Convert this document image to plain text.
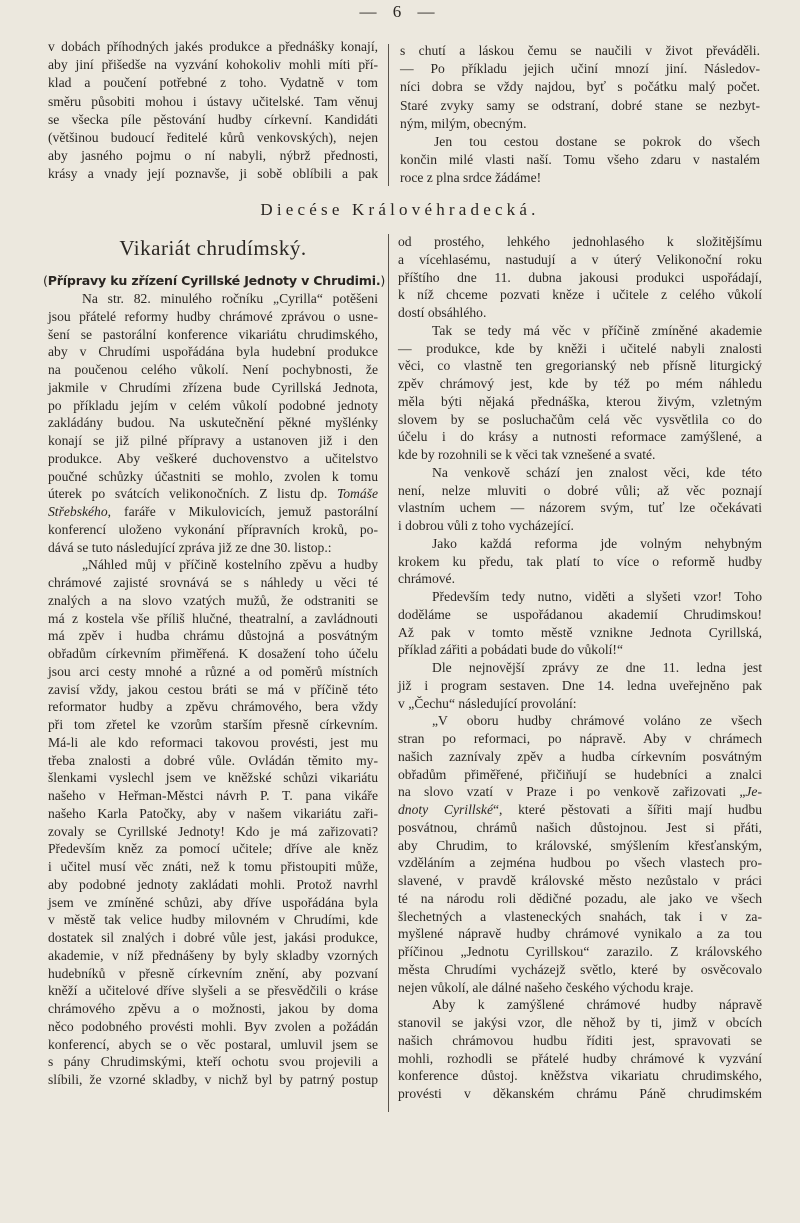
— 6 —
v dobách příhodných jakés produkce a přednášky konají,
aby jiní přišedše na vyzvání kohokoliv mohli míti pří-
klad a poučení potřebné z toho. Vydatně v tom
směru působiti mohou i ústavy učitelské. Tam věnuj
se všecka píle pěstování hudby církevní. Kandidáti
(většinou budoucí ředitelé kůrů venkovských), nejen
aby jasného pojmu o ní nabyli, nýbrž přednosti,
krásy a vnady její poznavše, ji sobě oblíbili a pak
s chutí a láskou čemu se naučili v život převáděli.
— Po příkladu jejich učiní mnozí jiní. Následov-
níci dobra se vždy najdou, byť s počátku malý počet.
Staré zvyky samy se odstraní, dobré stane se nezbyt-
ným, milým, obecným.
Jen tou cestou dostane se pokrok do všech
končin milé vlasti naší. Tomu všeho zdaru v nastalém
roce z plna srdce žádáme!
Diecése Královéhradecká.
Vikariát chrudímský.
(Přípravy ku zřízení Cyrillské Jednoty v Chrudimi.)
Na str. 82. minulého ročníku „Cyrilla“ potěšeni
jsou přátelé reformy hudby chrámové zprávou o usne-
šení se pastorální konference vikariátu chrudimského,
aby v Chrudími uspořádána byla hudební produkce
na poučenou celého vůkolí. Není pochybnosti, že
jakmile v Chrudími zřízena bude Cyrillská Jednota,
po příkladu jejím v celém vůkolí podobné jednoty
zakládány budou. Na uskutečnění pěkné myšlénky
konají se již pilné přípravy a ustanoven již i den
produkce. Aby veškeré duchovenstvo a učitelstvo
poučné schůzky účastniti se mohlo, zvolen k tomu
úterek po svátcích velikonočních. Z listu dp. Tomáše
Střebského, faráře v Mikulovicích, jemuž pastorální
konferencí uloženo vykonání přípravních kroků, po-
dává se tuto následující zpráva již ze dne 30. listop.:
„Náhled můj v příčině kostelního zpěvu a hudby
chrámové zajisté srovnává se s náhledy u věci té
znalých a na slovo vzatých mužů, že odstraniti se
má z kostela vše příliš hlučné, theatralní, a zavládnouti
má zpěv i hudba chrámu důstojná a posvátným
obřadům církevním přiměřená. K dosažení toho účelu
jsou arci cesty mnohé a různé a od poměrů místních
zavisí vždy, jakou cestou bráti se má v příčině této
reformator hudby a zpěvu chrámového, bera vždy
při tom zřetel ke vzorům starším přesně církevním.
Má-li ale kdo reformaci takovou provésti, jest mu
třeba znalosti a dobré vůle. Ovládán těmito my-
šlenkami vyslechl jsem ve kněžské schůzi vikariátu
našeho v Heřman-Městci návrh P. T. pana vikáře
našeho Karla Patočky, aby v našem vikariátu zaři-
zovaly se Cyrillské Jednoty! Kdo je má zařizovati?
Především kněz za pomocí učitele; dříve ale kněz
i učitel musí věc znáti, než k tomu přistoupiti může,
aby podobné jednoty zakládati mohli. Protož navrhl
jsem ve zmíněné schůzi, aby dříve uspořádána byla
v městě tak velice hudby milovném v Chrudími, kde
dostatek sil znalých i dobré vůle jest, jakási produkce,
akademie, v níž přednášeny by byly skladby vzorných
hudebníků v přesně církevním znění, aby pozvaní
kněží a učitelové dříve slyšeli a se přesvědčili o kráse
chrámového zpěvu a o možnosti, jakou by doma
něco podobného provésti mohli. Byv zvolen a požádán
konferencí, abych se o věc postaral, umluvil jsem se
s pány Chrudimskými, kteří ochotu svou projevili a
slíbili, že vzorné skladby, v nichž byl by patrný postup
od prostého, lehkého jednohlasého k složitějšímu
a vícehlasému, nastudují a v úterý Velikonoční roku
příštího dne 11. dubna jakousi produkci uspořádají,
k níž chceme pozvati kněze i učitele z celého vůkolí
dostí obsáhlého.
Tak se tedy má věc v příčině zmíněné akademie
— produkce, kde by kněži i učitelé nabyli znalosti
věci, co vlastně ten gregorianský neb přísně liturgický
zpěv chrámový jest, kde by též po mém náhledu
měla býti nějaká přednáška, kterou živým, vzletným
slovem by se posluchačům celá věc vysvětlila co do
účelu i do krásy a nutnosti reformace zamýšlené, a
kde by rozohnili se k věci tak vznešené a svaté.
Na venkově schází jen znalost věci, kde této
není, nelze mluviti o dobré vůli; až věc poznají
vlastním uchem — názorem svým, tuť lze očekávati
i dobrou vůli z toho vycházející.
Jako každá reforma jde volným nehybným
krokem ku předu, tak platí to více o reformě hudby
chrámové.
Především tedy nutno, viděti a slyšeti vzor! Toho
doděláme se uspořádanou akademií Chrudimskou!
Až pak v tomto městě vznikne Jednota Cyrillská,
příklad zářiti a pobádati bude do vůkolí!“
Dle nejnovější zprávy ze dne 11. ledna jest
již i program sestaven. Dne 14. ledna uveřejněno pak
v „Čechu“ následující provolání:
„V oboru hudby chrámové voláno ze všech
stran po reformaci, po nápravě. Aby v chrámech
našich zaznívaly zpěv a hudba církevním posvátným
obřadům přiměřené, přičiňují se hudebníci a znalci
na slovo vzatí v Praze i po venkově zařizovati „Je-
dnoty Cyrillské“, které pěstovati a šířiti mají hudbu
posvátnou, chrámů našich důstojnou. Jest si přáti,
aby Chrudim, to královské, smýšlením křesťanským,
vzděláním a zejména hudbou po všech vlastech pro-
slavené, v pravdě královské město nezůstalo v práci
té na národu roli dědičné pozadu, ale jako ve všech
šlechetných a vlasteneckých snahách, tak i v za-
myšlené nápravě hudby chrámové vynikalo a za tou
příčinou „Jednotu Cyrillskou“ zarazilo. Z královského
města Chrudími vycházejž světlo, které by osvěcovalo
nejen vůkolí, ale dálné našeho českého východu kraje.
Aby k zamýšlené chrámové hudby nápravě
stanovil se jakýsi vzor, dle něhož by ti, jimž v obcích
našich chrámovou hudbu říditi jest, spravovati se
mohli, rozhodli se přátelé hudby chrámové k vyzvání
konference důstoj. kněžstva vikariatu chrudimského,
provésti v děkanském chrámu Páně chrudimském
